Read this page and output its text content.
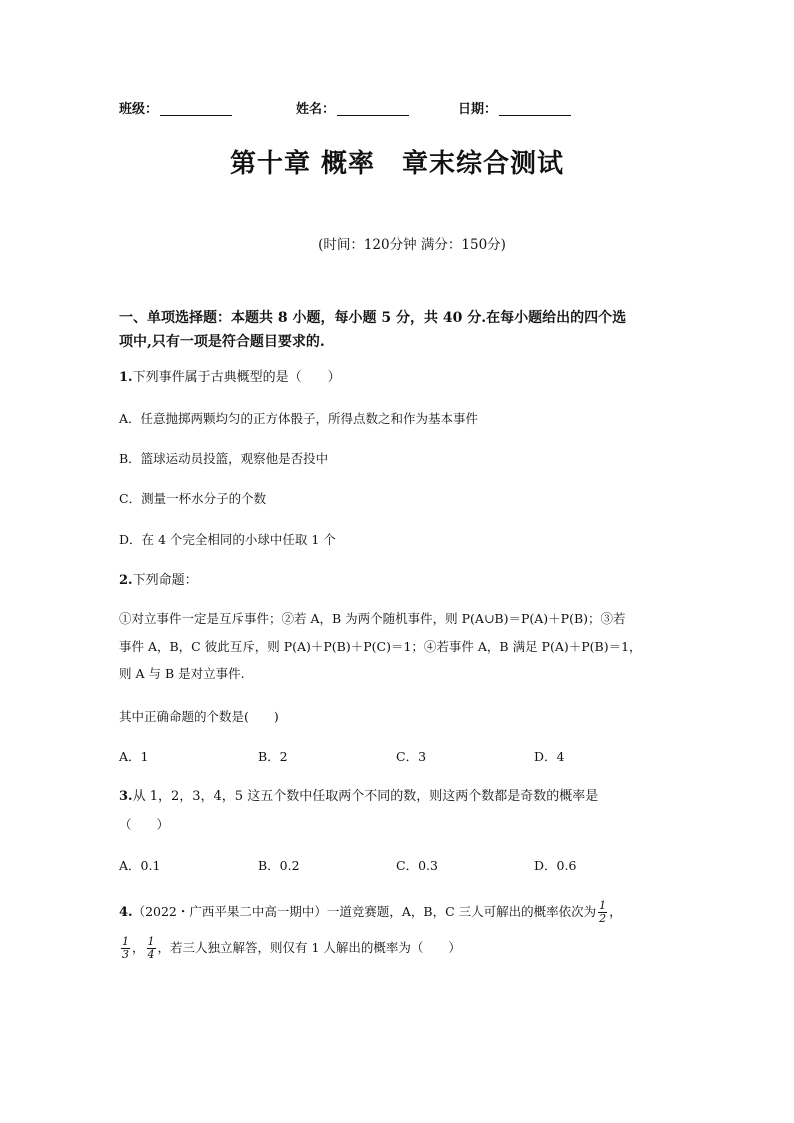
班级：	姓名：	日期：
第十章 概率　章末综合测试
(时间：120分钟 满分：150分)
一、单项选择题：本题共 8 小题，每小题 5 分，共 40 分.在每小题给出的四个选
项中,只有一项是符合题目要求的.
1.下列事件属于古典概型的是（　　）
A．任意抛掷两颗均匀的正方体骰子，所得点数之和作为基本事件
B．篮球运动员投篮，观察他是否投中
C．测量一杯水分子的个数
D．在 4 个完全相同的小球中任取 1 个
2.下列命题：
①对立事件一定是互斥事件；②若 A，B 为两个随机事件，则 P(A∪B)＝P(A)＋P(B)；③若
事件 A，B，C 彼此互斥，则 P(A)＋P(B)＋P(C)＝1；④若事件 A，B 满足 P(A)＋P(B)＝1，
则 A 与 B 是对立事件.
其中正确命题的个数是(　　)
A．1	B．2	C．3	D．4
3.从 1，2，3，4，5 这五个数中任取两个不同的数，则这两个数都是奇数的概率是
（　　）
A．0.1	B．0.2	C．0.3	D．0.6
4.（2022・广西平果二中高一期中）一道竞赛题，A，B，C 三人可解出的概率依次为 $\frac{1}{2}$ ，
$\frac{1}{3}$ ， $\frac{1}{4}$ ，若三人独立解答，则仅有 1 人解出的概率为（　　）
